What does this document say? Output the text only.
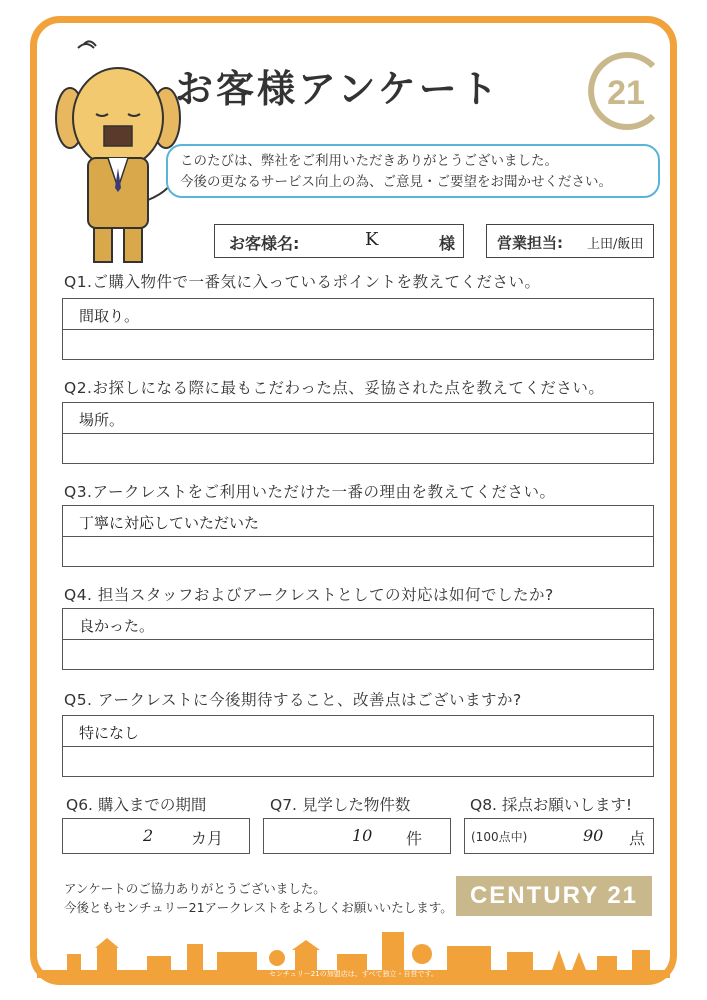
お客様アンケート	21
このたびは、弊社をご利用いただきありがとうございました。
今後の更なるサービス向上の為、ご意見・ご要望をお聞かせください。
お客様名:	K	様	営業担当: 上田/飯田
Q1.ご購入物件で一番気に入っているポイントを教えてください。
間取り。
Q2.お探しになる際に最もこだわった点、妥協された点を教えてください。
場所。
Q3.アークレストをご利用いただけた一番の理由を教えてください。
丁寧に対応していただいた
Q4. 担当スタッフおよびアークレストとしての対応は如何でしたか?
良かった。
Q5. アークレストに今後期待すること、改善点はございますか?
特になし
Q6. 購入までの期間
2 カ月
Q7. 見学した物件数
10 件
Q8. 採点お願いします!
(100点中)	90 点
アンケートのご協力ありがとうございました。
今後ともセンチュリー21アークレストをよろしくお願いいたします。 CENTURY 21
センチュリー21の加盟店は、すべて独立・自営です。
